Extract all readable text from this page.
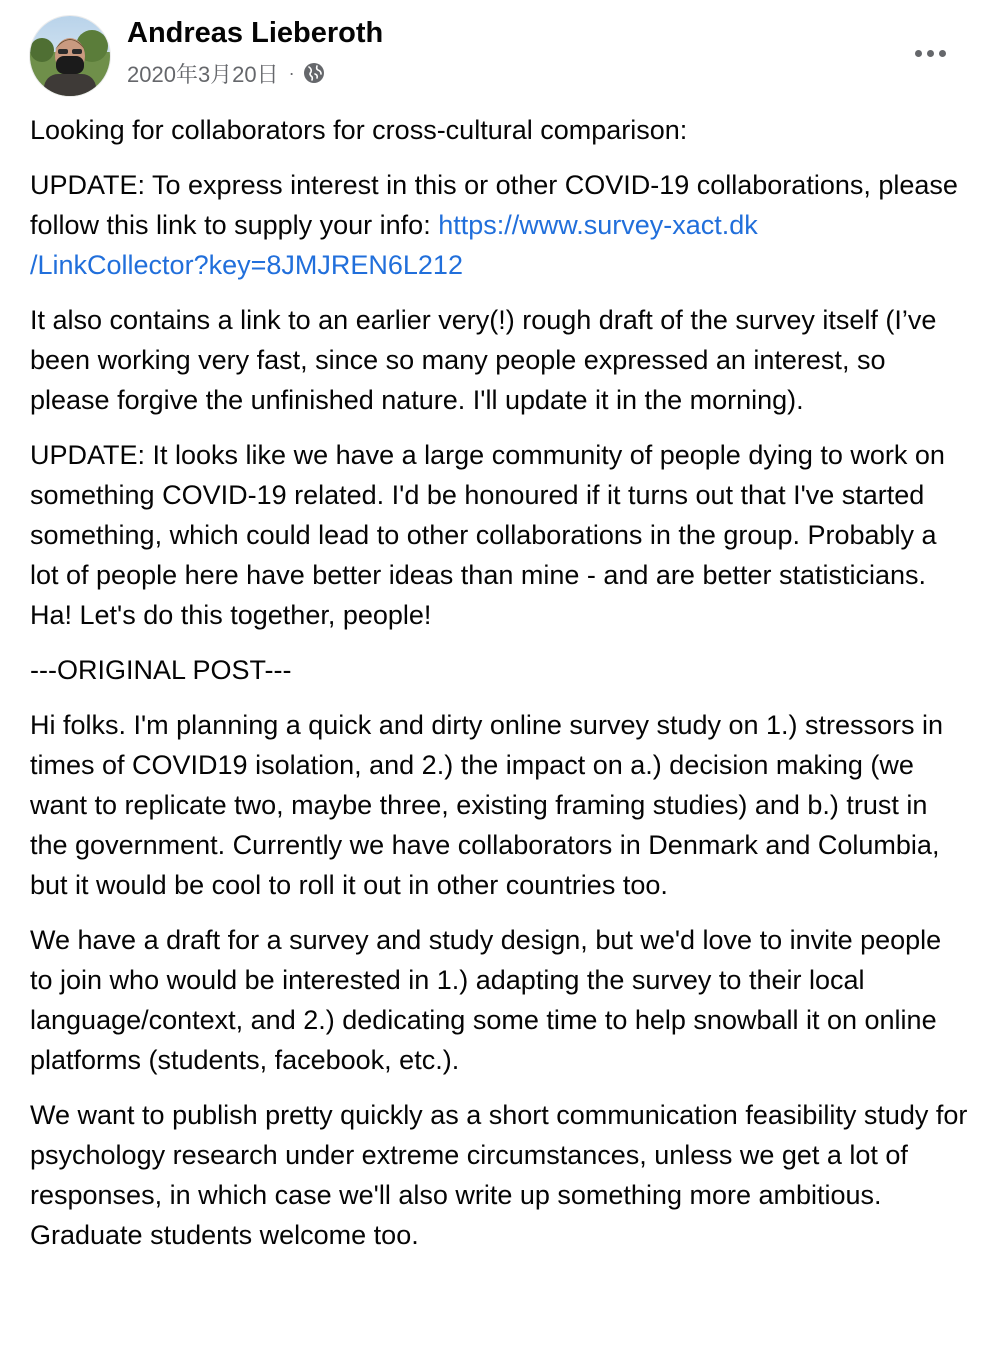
Andreas Lieberoth
2020年3月20日 ·

Looking for collaborators for cross-cultural comparison:

UPDATE: To express interest in this or other COVID-19 collaborations, please follow this link to supply your info: https://www.survey-xact.dk
/LinkCollector?key=8JMJREN6L212

It also contains a link to an earlier very(!) rough draft of the survey itself (I’ve been working very fast, since so many people expressed an interest, so please forgive the unfinished nature. I'll update it in the morning).

UPDATE: It looks like we have a large community of people dying to work on something COVID-19 related. I'd be honoured if it turns out that I've started something, which could lead to other collaborations in the group. Probably a lot of people here have better ideas than mine - and are better statisticians. Ha! Let's do this together, people!

---ORIGINAL POST---

Hi folks. I'm planning a quick and dirty online survey study on 1.) stressors in times of COVID19 isolation, and 2.) the impact on a.) decision making (we want to replicate two, maybe three, existing framing studies) and b.) trust in the government. Currently we have collaborators in Denmark and Columbia, but it would be cool to roll it out in other countries too.

We have a draft for a survey and study design, but we'd love to invite people to join who would be interested in 1.) adapting the survey to their local language/context, and 2.) dedicating some time to help snowball it on online platforms (students, facebook, etc.).

We want to publish pretty quickly as a short communication feasibility study for psychology research under extreme circumstances, unless we get a lot of responses, in which case we'll also write up something more ambitious. Graduate students welcome too.
